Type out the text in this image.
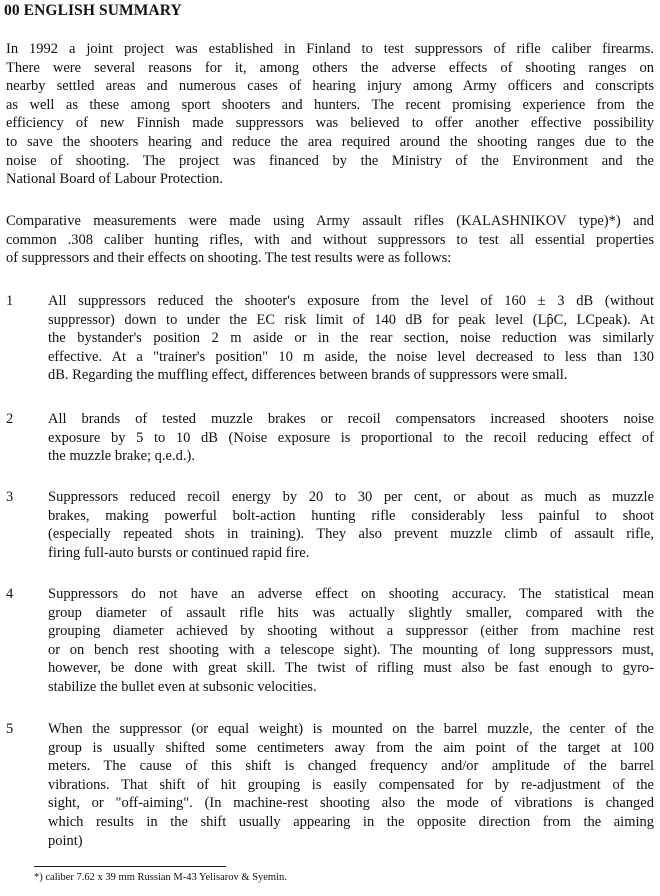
00 ENGLISH SUMMARY
In 1992 a joint project was established in Finland to test suppressors of rifle caliber firearms.
There were several reasons for it, among others the adverse effects of shooting ranges on
nearby settled areas and numerous cases of hearing injury among Army officers and conscripts
as well as these among sport shooters and hunters. The recent promising experience from the
efficiency of new Finnish made suppressors was believed to offer another effective possibility
to save the shooters hearing and reduce the area required around the shooting ranges due to the
noise of shooting. The project was financed by the Ministry of the Environment and the
National Board of Labour Protection.
Comparative measurements were made using Army assault rifles (KALASHNIKOV type)*) and
common .308 caliber hunting rifles, with and without suppressors to test all essential properties
of suppressors and their effects on shooting. The test results were as follows:
1 All suppressors reduced the shooter's exposure from the level of 160 ± 3 dB (without
suppressor) down to under the EC risk limit of 140 dB for peak level (Lp̂C, LCpeak). At
the bystander's position 2 m aside or in the rear section, noise reduction was similarly
effective. At a "trainer's position" 10 m aside, the noise level decreased to less than 130
dB. Regarding the muffling effect, differences between brands of suppressors were small.
2 All brands of tested muzzle brakes or recoil compensators increased shooters noise
exposure by 5 to 10 dB (Noise exposure is proportional to the recoil reducing effect of
the muzzle brake; q.e.d.).
3 Suppressors reduced recoil energy by 20 to 30 per cent, or about as much as muzzle
brakes, making powerful bolt-action hunting rifle considerably less painful to shoot
(especially repeated shots in training). They also prevent muzzle climb of assault rifle,
firing full-auto bursts or continued rapid fire.
4 Suppressors do not have an adverse effect on shooting accuracy. The statistical mean
group diameter of assault rifle hits was actually slightly smaller, compared with the
grouping diameter achieved by shooting without a suppressor (either from machine rest
or on bench rest shooting with a telescope sight). The mounting of long suppressors must,
however, be done with great skill. The twist of rifling must also be fast enough to gyro-
stabilize the bullet even at subsonic velocities.
5 When the suppressor (or equal weight) is mounted on the barrel muzzle, the center of the
group is usually shifted some centimeters away from the aim point of the target at 100
meters. The cause of this shift is changed frequency and/or amplitude of the barrel
vibrations. That shift of hit grouping is easily compensated for by re-adjustment of the
sight, or "off-aiming". (In machine-rest shooting also the mode of vibrations is changed
which results in the shift usually appearing in the opposite direction from the aiming
point)
*) caliber 7.62 x 39 mm Russian M-43 Yelisarov & Syemin.
